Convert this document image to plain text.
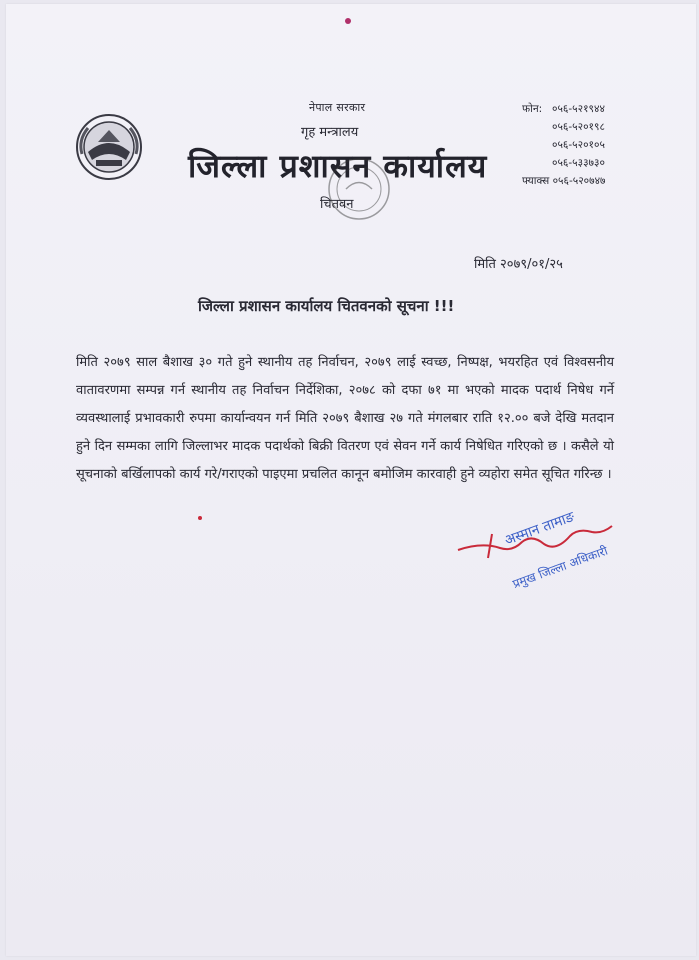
नेपाल सरकार
गृह मन्त्रालय
जिल्ला प्रशासन कार्यालय
चितवन
फोन: ०५६-५२१९४४
०५६-५२०१९८
०५६-५२०१०५
०५६-५३३७३०
फ्याक्स ०५६-५२०७४७
मिति २०७९/०१/२५
जिल्ला प्रशासन कार्यालय चितवनको सूचना !!!
मिति २०७९ साल बैशाख ३० गते हुने स्थानीय तह निर्वाचन, २०७९ लाई स्वच्छ, निष्पक्ष, भयरहित एवं विश्वसनीय वातावरणमा सम्पन्न गर्न स्थानीय तह निर्वाचन निर्देशिका, २०७८ को दफा ७१ मा भएको मादक पदार्थ निषेध गर्ने व्यवस्थालाई प्रभावकारी रुपमा कार्यान्वयन गर्न मिति २०७९ बैशाख २७ गते मंगलबार राति १२.०० बजे देखि मतदान हुने दिन सम्मका लागि जिल्लाभर मादक पदार्थको बिक्री वितरण एवं सेवन गर्ने कार्य निषेधित गरिएको छ । कसैले यो सूचनाको बर्खिलापको कार्य गरे/गराएको पाइएमा प्रचलित कानून बमोजिम कारवाही हुने व्यहोरा समेत सूचित गरिन्छ ।
अस्मान तामाङ
प्रमुख जिल्ला अधिकारी
